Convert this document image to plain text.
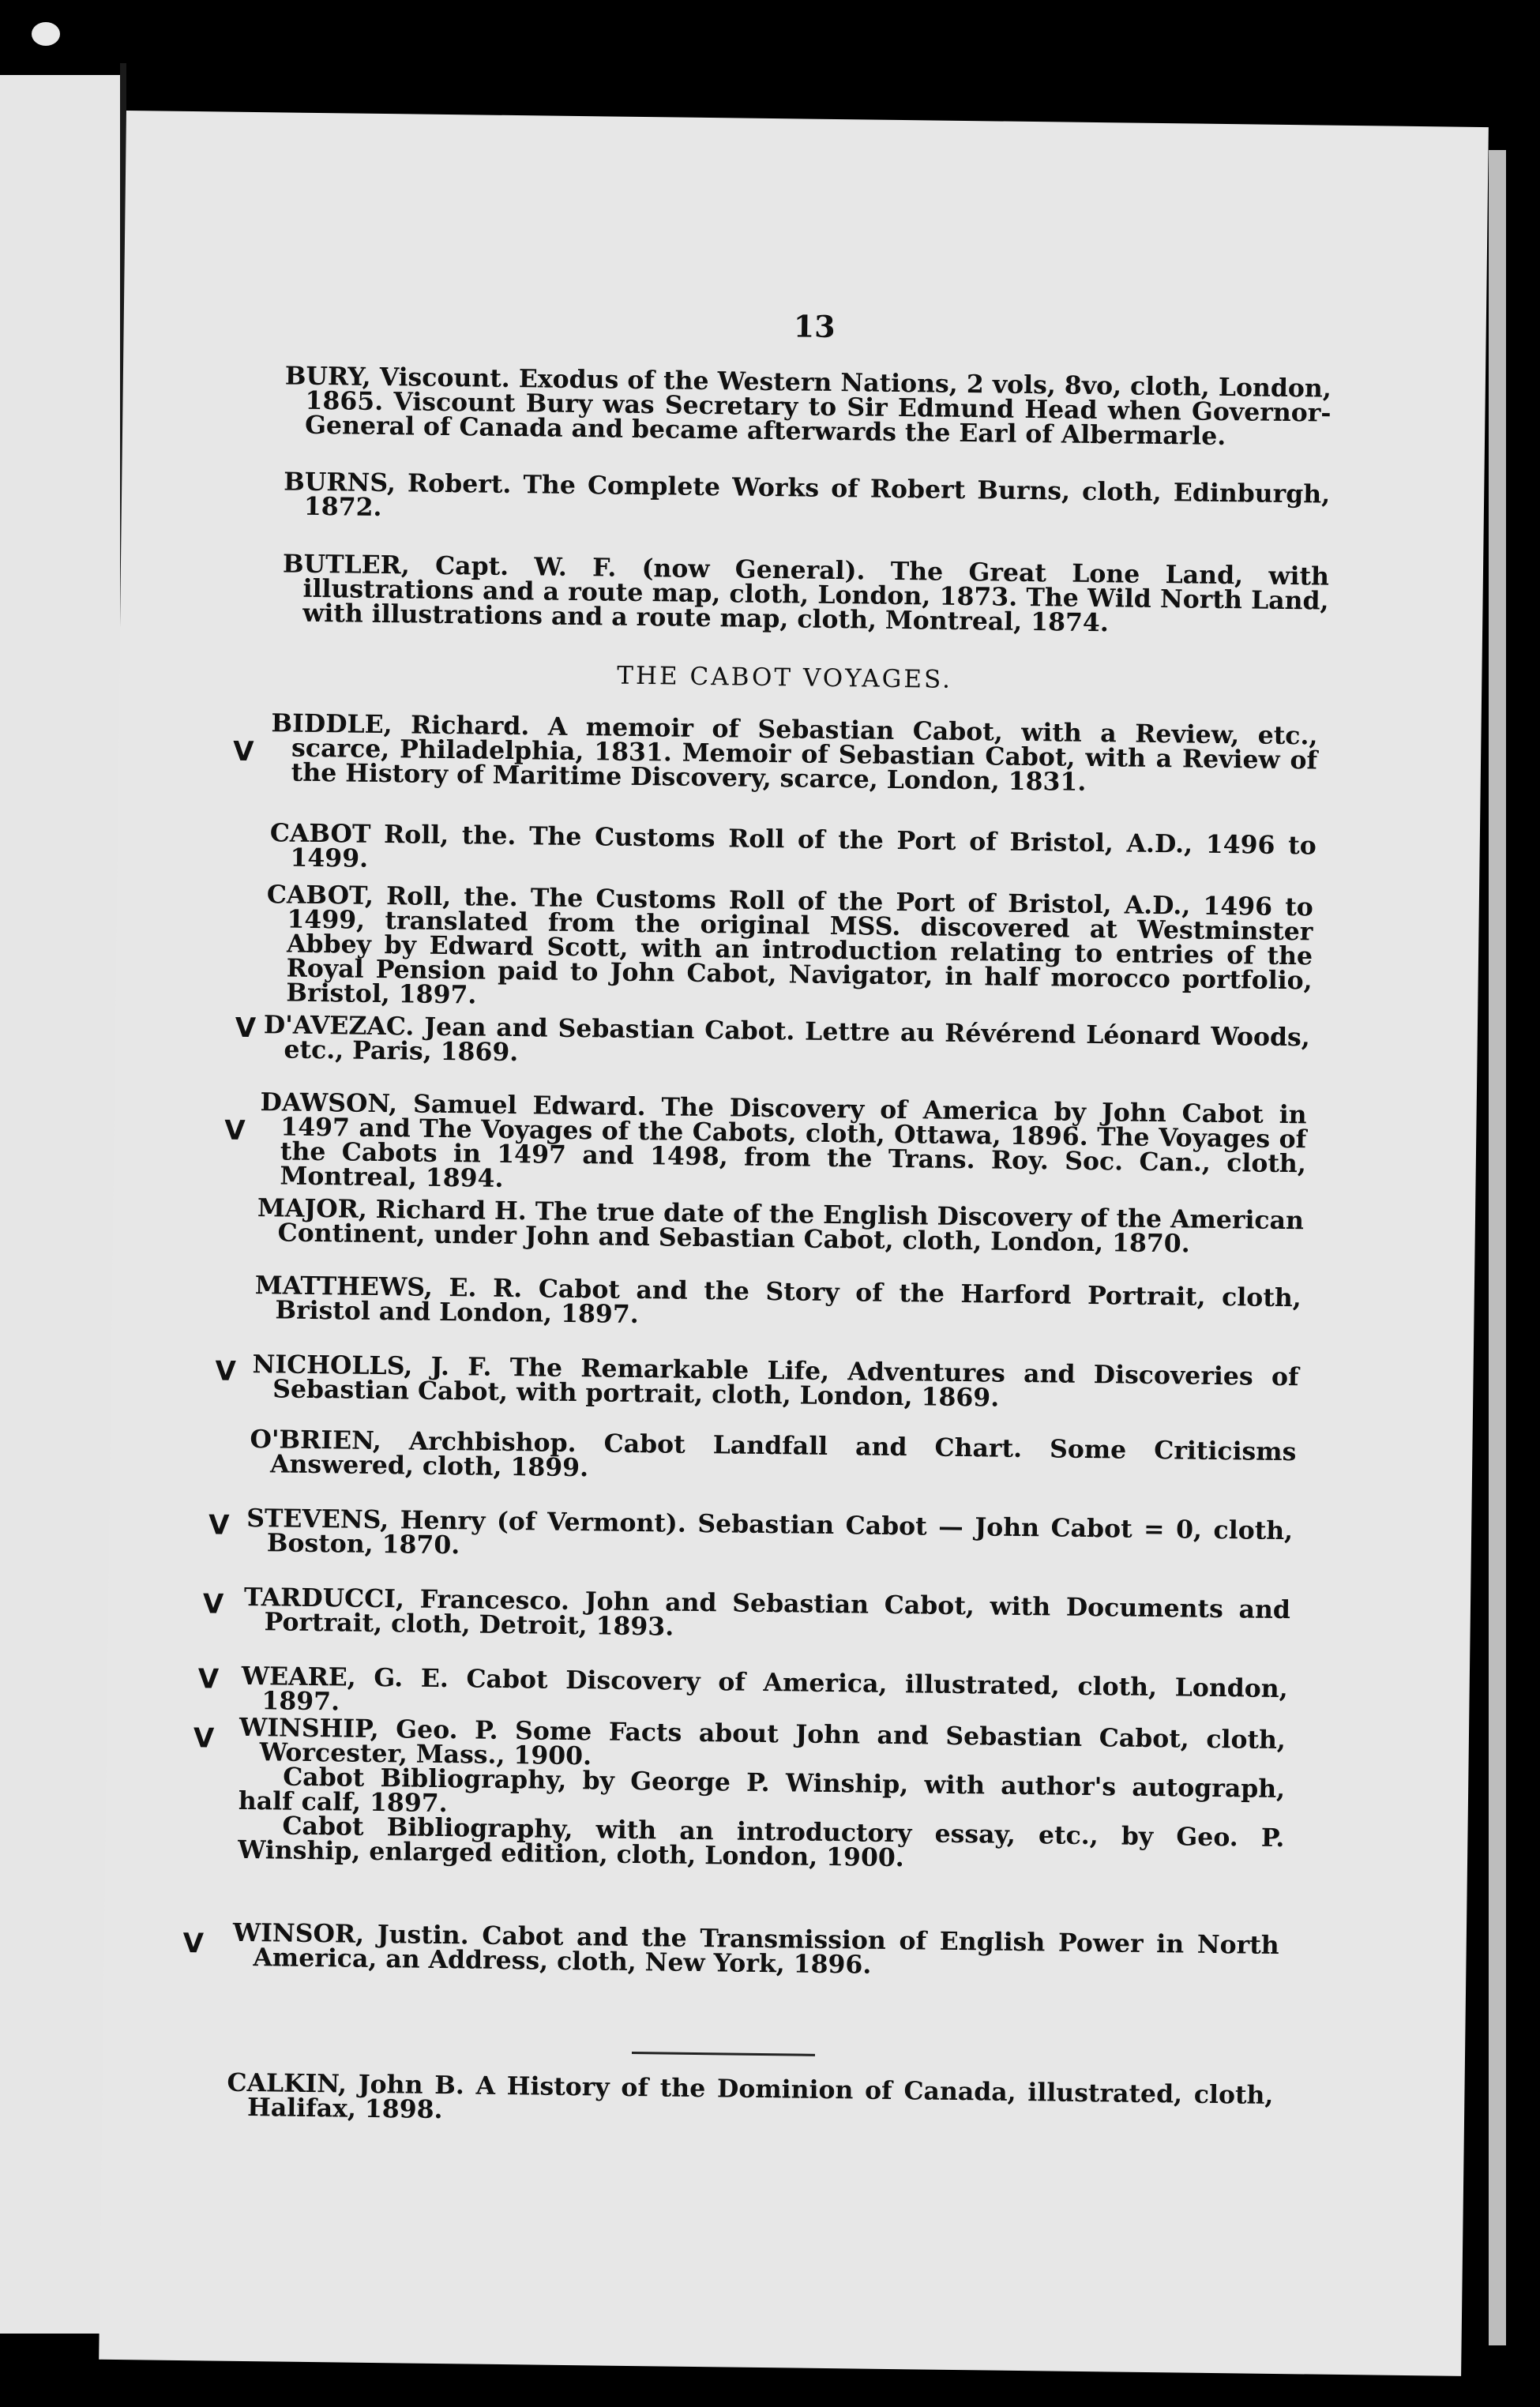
13
BURY, Viscount. Exodus of the Western Nations, 2 vols, 8vo, cloth, London, 1865. Viscount Bury was Secretary to Sir Edmund Head when Governor-General of Canada and became afterwards the Earl of Albermarle.
BURNS, Robert. The Complete Works of Robert Burns, cloth, Edinburgh, 1872.
BUTLER, Capt. W. F. (now General). The Great Lone Land, with illustrations and a route map, cloth, London, 1873. The Wild North Land, with illustrations and a route map, cloth, Montreal, 1874.
THE CABOT VOYAGES.
BIDDLE, Richard. A memoir of Sebastian Cabot, with a Review, etc., scarce, Philadelphia, 1831. Memoir of Sebastian Cabot, with a Review of the History of Maritime Discovery, scarce, London, 1831.
CABOT Roll, the. The Customs Roll of the Port of Bristol, A.D., 1496 to 1499.
CABOT, Roll, the. The Customs Roll of the Port of Bristol, A.D., 1496 to 1499, translated from the original MSS. discovered at Westminster Abbey by Edward Scott, with an introduction relating to entries of the Royal Pension paid to John Cabot, Navigator, in half morocco portfolio, Bristol, 1897.
D'AVEZAC. Jean and Sebastian Cabot. Lettre au Révérend Léonard Woods, etc., Paris, 1869.
DAWSON, Samuel Edward. The Discovery of America by John Cabot in 1497 and The Voyages of the Cabots, cloth, Ottawa, 1896. The Voyages of the Cabots in 1497 and 1498, from the Trans. Roy. Soc. Can., cloth, Montreal, 1894.
MAJOR, Richard H. The true date of the English Discovery of the American Continent, under John and Sebastian Cabot, cloth, London, 1870.
MATTHEWS, E. R. Cabot and the Story of the Harford Portrait, cloth, Bristol and London, 1897.
NICHOLLS, J. F. The Remarkable Life, Adventures and Discoveries of Sebastian Cabot, with portrait, cloth, London, 1869.
O'BRIEN, Archbishop. Cabot Landfall and Chart. Some Criticisms Answered, cloth, 1899.
STEVENS, Henry (of Vermont). Sebastian Cabot — John Cabot = 0, cloth, Boston, 1870.
TARDUCCI, Francesco. John and Sebastian Cabot, with Documents and Portrait, cloth, Detroit, 1893.
WEARE, G. E. Cabot Discovery of America, illustrated, cloth, London, 1897.
WINSHIP, Geo. P. Some Facts about John and Sebastian Cabot, cloth, Worcester, Mass., 1900.
Cabot Bibliography, by George P. Winship, with author's autograph, half calf, 1897.
Cabot Bibliography, with an introductory essay, etc., by Geo. P. Winship, enlarged edition, cloth, London, 1900.
WINSOR, Justin. Cabot and the Transmission of English Power in North America, an Address, cloth, New York, 1896.
CALKIN, John B. A History of the Dominion of Canada, illustrated, cloth, Halifax, 1898.
V
V
V
V
V
V
V
V
V
